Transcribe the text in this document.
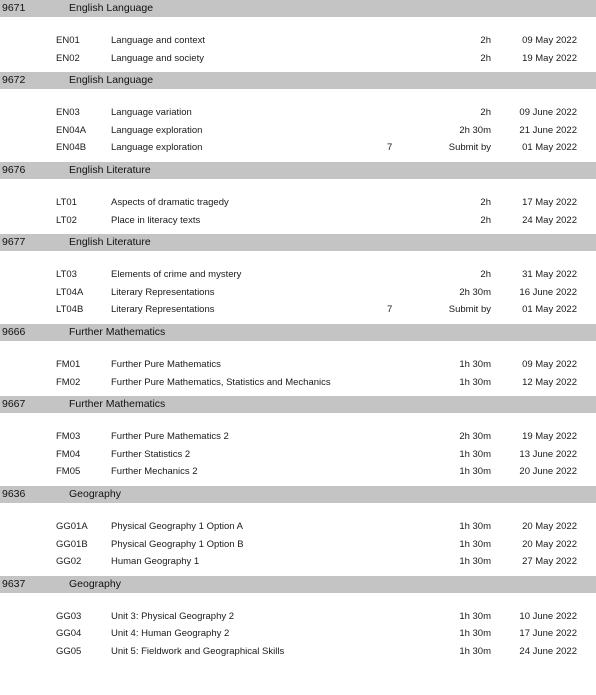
9671	English Language
EN01	Language and context	2h	09 May 2022
EN02	Language and society	2h	19 May 2022
9672	English Language
EN03	Language variation	2h	09 June 2022
EN04A	Language exploration	2h 30m	21 June 2022
EN04B	Language exploration	7	Submit by	01 May 2022
9676	English Literature
LT01	Aspects of dramatic tragedy	2h	17 May 2022
LT02	Place in literacy texts	2h	24 May 2022
9677	English Literature
LT03	Elements of crime and mystery	2h	31 May 2022
LT04A	Literary Representations	2h 30m	16 June 2022
LT04B	Literary Representations	7	Submit by	01 May 2022
9666	Further Mathematics
FM01	Further Pure Mathematics	1h 30m	09 May 2022
FM02	Further Pure Mathematics, Statistics and Mechanics	1h 30m	12 May 2022
9667	Further Mathematics
FM03	Further Pure Mathematics 2	2h 30m	19 May 2022
FM04	Further Statistics 2	1h 30m	13 June 2022
FM05	Further Mechanics 2	1h 30m	20 June 2022
9636	Geography
GG01A Physical Geography 1 Option A	1h 30m	20 May 2022
GG01B Physical Geography 1 Option B	1h 30m	20 May 2022
GG02	Human Geography 1	1h 30m	27 May 2022
9637	Geography
GG03	Unit 3: Physical Geography 2	1h 30m	10 June 2022
GG04	Unit 4: Human Geography 2	1h 30m	17 June 2022
GG05	Unit 5: Fieldwork and Geographical Skills	1h 30m	24 June 2022
